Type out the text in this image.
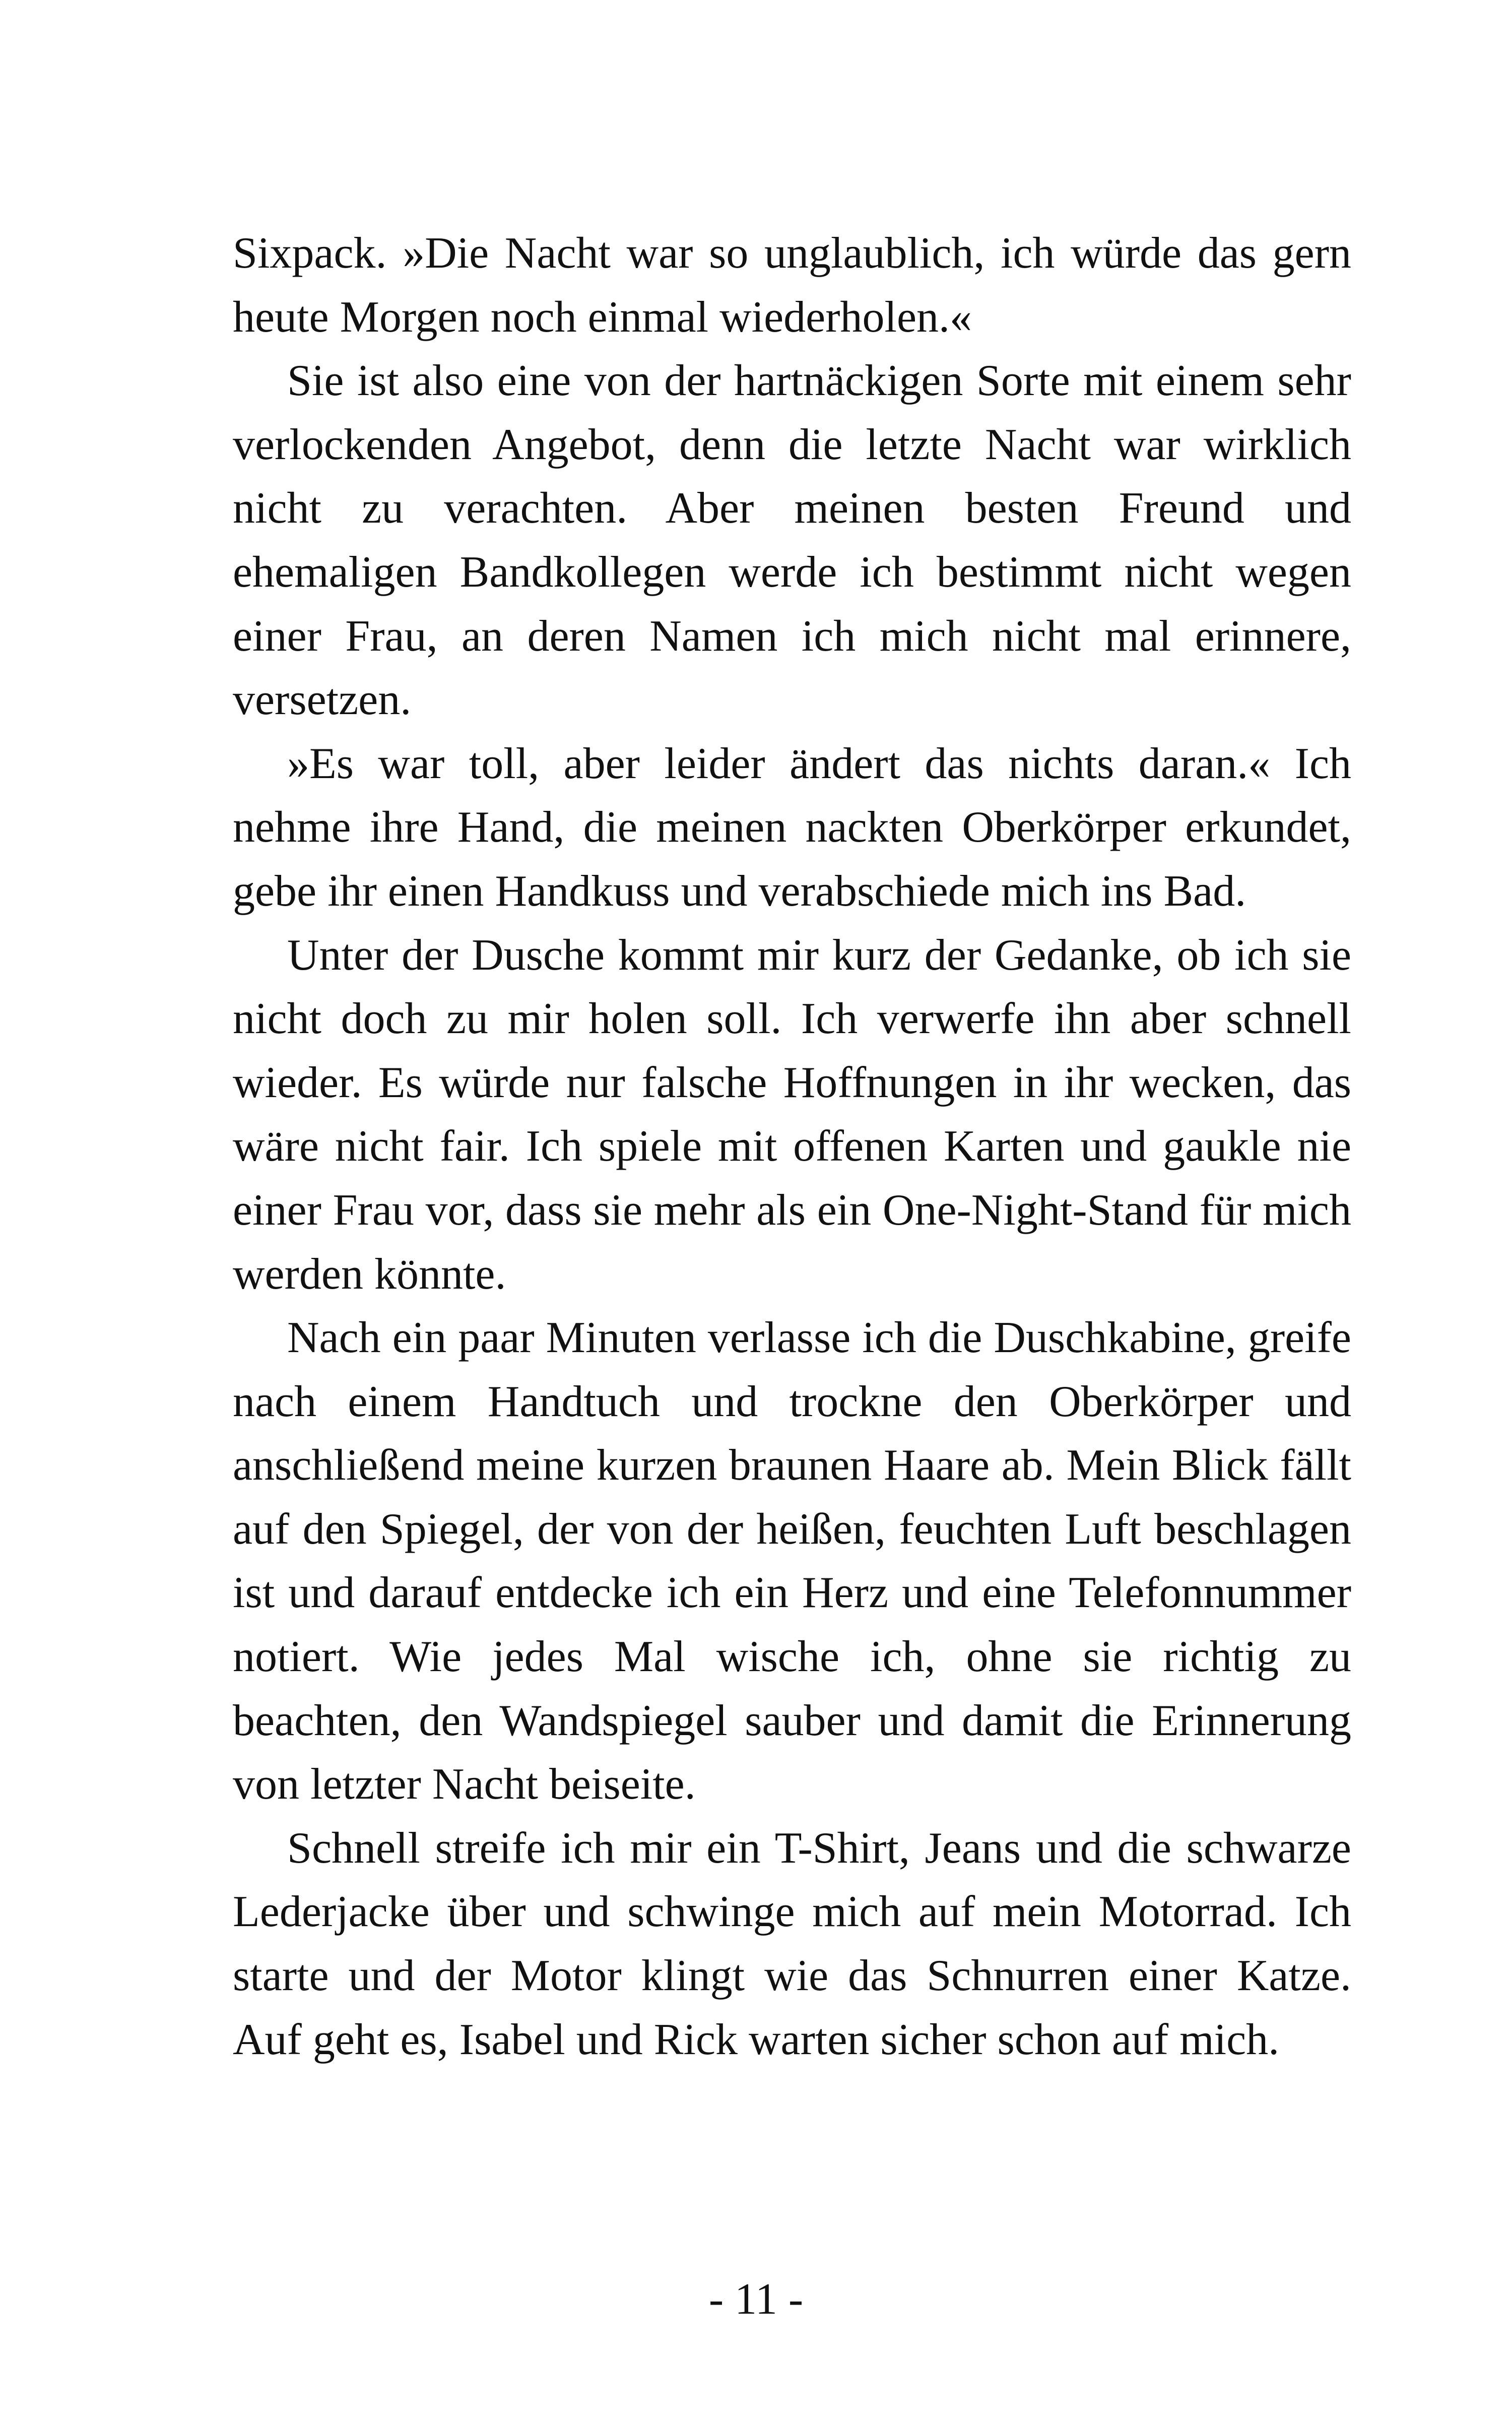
Sixpack. »Die Nacht war so unglaublich, ich würde das gern heute Morgen noch einmal wiederholen.«

Sie ist also eine von der hartnäckigen Sorte mit einem sehr verlockenden Angebot, denn die letzte Nacht war wirklich nicht zu verachten. Aber meinen besten Freund und ehemaligen Bandkollegen werde ich bestimmt nicht wegen einer Frau, an deren Namen ich mich nicht mal erinnere, versetzen.

»Es war toll, aber leider ändert das nichts daran.« Ich nehme ihre Hand, die meinen nackten Oberkörper erkundet, gebe ihr einen Handkuss und verabschiede mich ins Bad.

Unter der Dusche kommt mir kurz der Gedanke, ob ich sie nicht doch zu mir holen soll. Ich verwerfe ihn aber schnell wieder. Es würde nur falsche Hoffnungen in ihr wecken, das wäre nicht fair. Ich spiele mit offenen Karten und gaukle nie einer Frau vor, dass sie mehr als ein One-Night-Stand für mich werden könnte.

Nach ein paar Minuten verlasse ich die Duschkabine, greife nach einem Handtuch und trockne den Oberkörper und anschließend meine kurzen braunen Haare ab. Mein Blick fällt auf den Spiegel, der von der heißen, feuchten Luft beschlagen ist und darauf entdecke ich ein Herz und eine Telefonnummer notiert. Wie jedes Mal wische ich, ohne sie richtig zu beachten, den Wandspiegel sauber und damit die Erinnerung von letzter Nacht beiseite.

Schnell streife ich mir ein T-Shirt, Jeans und die schwarze Lederjacke über und schwinge mich auf mein Motorrad. Ich starte und der Motor klingt wie das Schnurren einer Katze. Auf geht es, Isabel und Rick warten sicher schon auf mich.

- 11 -
